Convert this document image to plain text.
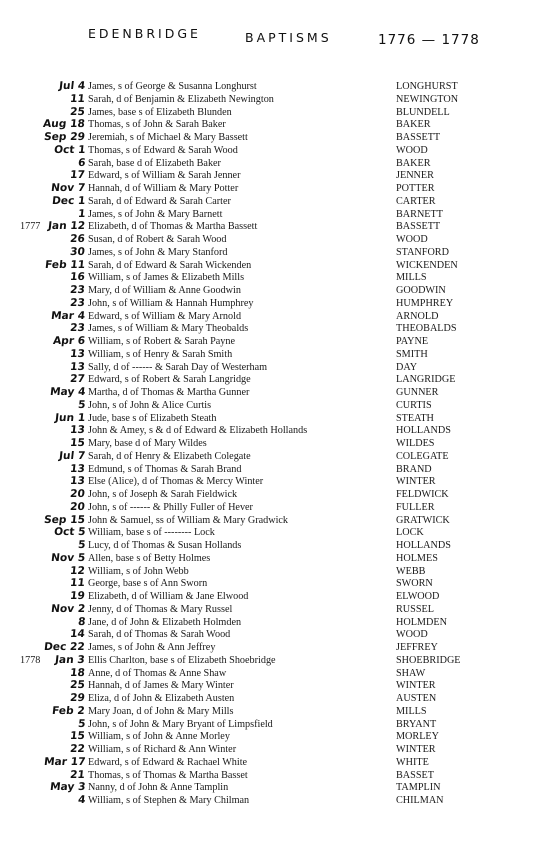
EDENBRIDGE	BAPTISMS	1776 — 1778
Jul 4 James, s of George & Susanna Longhurst	LONGHURST
11 Sarah, d of Benjamin & Elizabeth Newington	NEWINGTON
25 James, base s of Elizabeth Blunden	BLUNDELL
Aug 18 Thomas, s of John & Sarah Baker	BAKER
Sep 29 Jeremiah, s of Michael & Mary Bassett	BASSETT
Oct 1 Thomas, s of Edward & Sarah Wood	WOOD
6 Sarah, base d of Elizabeth Baker	BAKER
17 Edward, s of William & Sarah Jenner	JENNER
Nov 7 Hannah, d of William & Mary Potter	POTTER
Dec 1 Sarah, d of Edward & Sarah Carter	CARTER
1 James, s of John & Mary Barnett	BARNETT
1777 Jan 12 Elizabeth, d of Thomas & Martha Bassett	BASSETT
26 Susan, d of Robert & Sarah Wood	WOOD
30 James, s of John & Mary Stanford	STANFORD
Feb 11 Sarah, d of Edward & Sarah Wickenden	WICKENDEN
16 William, s of James & Elizabeth Mills	MILLS
23 Mary, d of William & Anne Goodwin	GOODWIN
23 John, s of William & Hannah Humphrey	HUMPHREY
Mar 4 Edward, s of William & Mary Arnold	ARNOLD
23 James, s of William & Mary Theobalds	THEOBALDS
Apr 6 William, s of Robert & Sarah Payne	PAYNE
13 William, s of Henry & Sarah Smith	SMITH
13 Sally, d of ------ & Sarah Day of Westerham	DAY
27 Edward, s of Robert & Sarah Langridge	LANGRIDGE
May 4 Martha, d of Thomas & Martha Gunner	GUNNER
5 John, s of John & Alice Curtis	CURTIS
Jun 1 Jude, base s of Elizabeth Steath	STEATH
13 John & Amey, s & d of Edward & Elizabeth Hollands	HOLLANDS
15 Mary, base d of Mary Wildes	WILDES
Jul 7 Sarah, d of Henry & Elizabeth Colegate	COLEGATE
13 Edmund, s of Thomas & Sarah Brand	BRAND
13 Else (Alice), d of Thomas & Mercy Winter	WINTER
20 John, s of Joseph & Sarah Fieldwick	FELDWICK
20 John, s of ------ & Philly Fuller of Hever	FULLER
Sep 15 John & Samuel, ss of William & Mary Gradwick	GRATWICK
Oct 5 William, base s of -------- Lock	LOCK
5 Lucy, d of Thomas & Susan Hollands	HOLLANDS
Nov 5 Allen, base s of Betty Holmes	HOLMES
12 William, s of John Webb	WEBB
11 George, base s of Ann Sworn	SWORN
19 Elizabeth, d of William & Jane Elwood	ELWOOD
Nov 2 Jenny, d of Thomas & Mary Russel	RUSSEL
8 Jane, d of John & Elizabeth Holmden	HOLMDEN
14 Sarah, d of Thomas & Sarah Wood	WOOD
Dec 22 James, s of John & Ann Jeffrey	JEFFREY
1778	Jan 3 Ellis Charlton, base s of Elizabeth Shoebridge	SHOEBRIDGE
18 Anne, d of Thomas & Anne Shaw	SHAW
25 Hannah, d of James & Mary Winter	WINTER
29 Eliza, d of John & Elizabeth Austen	AUSTEN
Feb 2 Mary Joan, d of John & Mary Mills	MILLS
5 John, s of John & Mary Bryant of Limpsfield	BRYANT
15 William, s of John & Anne Morley	MORLEY
22 William, s of Richard & Ann Winter	WINTER
Mar 17 Edward, s of Edward & Rachael White	WHITE
21 Thomas, s of Thomas & Martha Basset	BASSET
May 3 Nanny, d of John & Anne Tamplin	TAMPLIN
4 William, s of Stephen & Mary Chilman	CHILMAN
